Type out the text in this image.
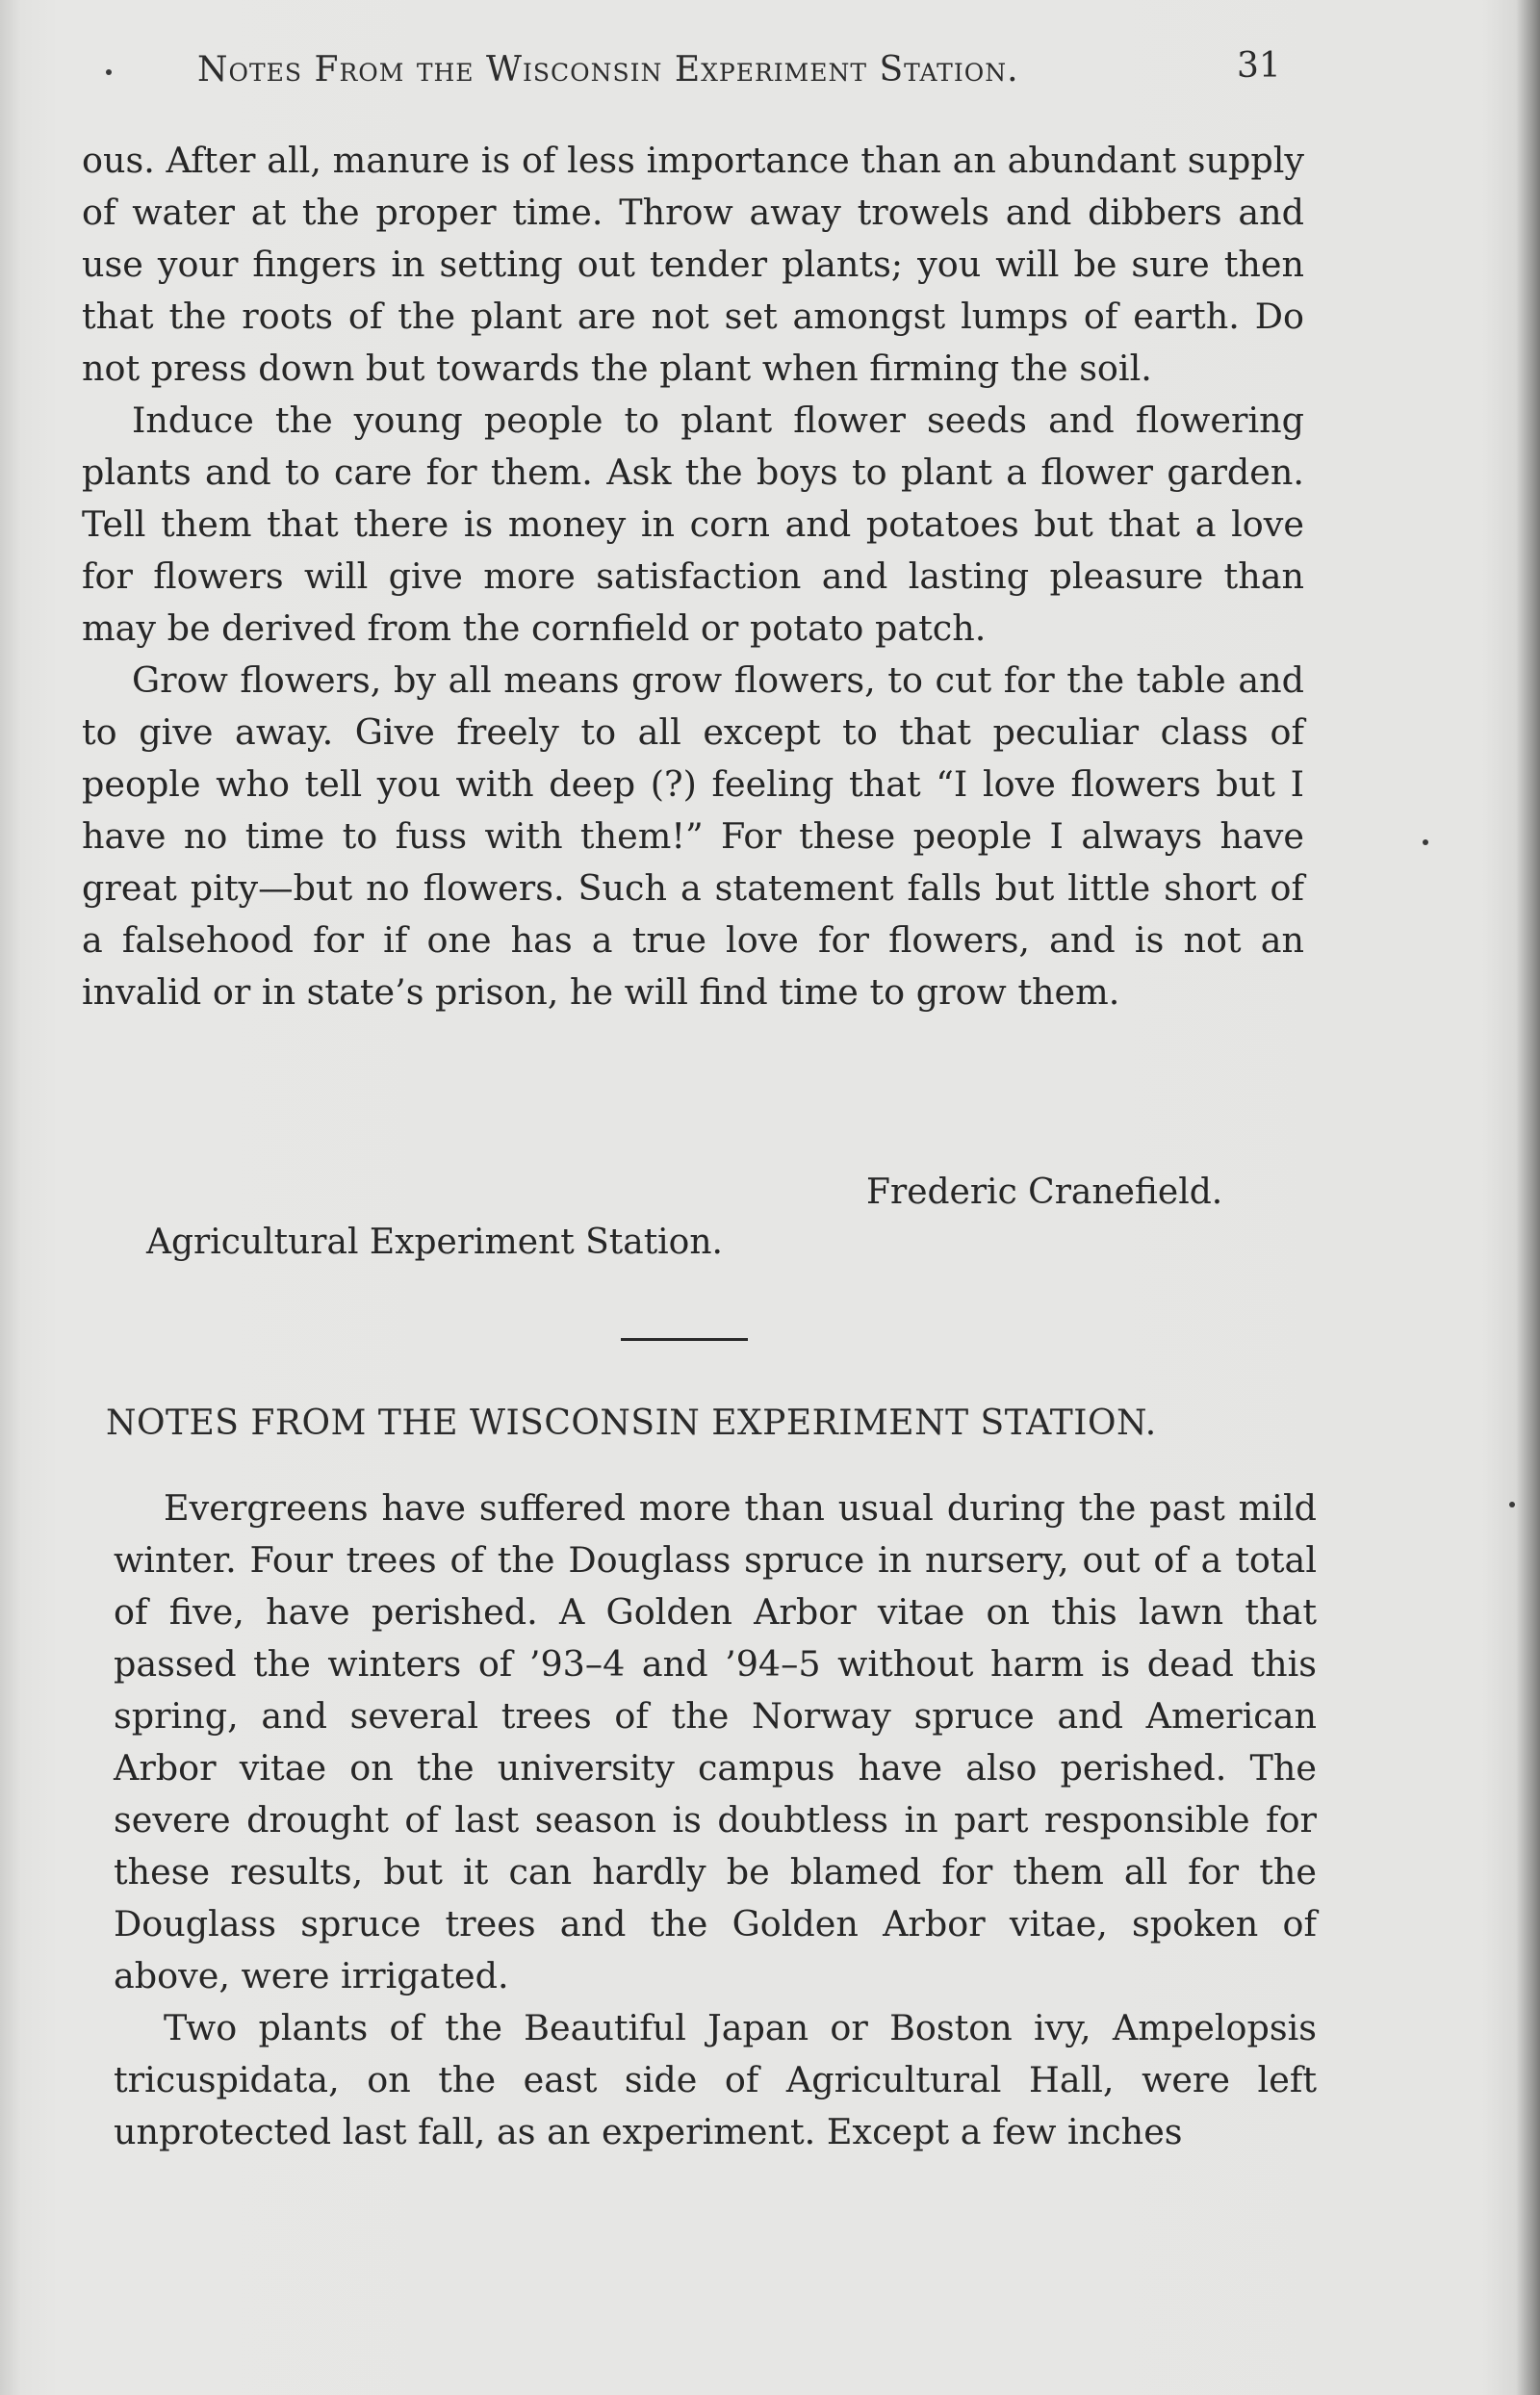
Notes From the Wisconsin Experiment Station.	31

ous. After all, manure is of less importance than an abundant supply of water at the proper time. Throw away trowels and dibbers and use your fingers in setting out tender plants; you will be sure then that the roots of the plant are not set amongst lumps of earth. Do not press down but towards the plant when firming the soil.

Induce the young people to plant flower seeds and flowering plants and to care for them. Ask the boys to plant a flower garden. Tell them that there is money in corn and potatoes but that a love for flowers will give more satisfaction and lasting pleasure than may be derived from the cornfield or potato patch.

Grow flowers, by all means grow flowers, to cut for the table and to give away. Give freely to all except to that peculiar class of people who tell you with deep (?) feeling that “I love flowers but I have no time to fuss with them!” For these people I always have great pity—but no flowers. Such a statement falls but little short of a falsehood for if one has a true love for flowers, and is not an invalid or in state’s prison, he will find time to grow them.

Frederic Cranefield.
Agricultural Experiment Station.
NOTES FROM THE WISCONSIN EXPERIMENT STATION.

Evergreens have suffered more than usual during the past mild winter. Four trees of the Douglass spruce in nursery, out of a total of five, have perished. A Golden Arbor vitae on this lawn that passed the winters of ’93–4 and ’94–5 without harm is dead this spring, and several trees of the Norway spruce and American Arbor vitae on the university campus have also perished. The severe drought of last season is doubtless in part responsible for these results, but it can hardly be blamed for them all for the Douglass spruce trees and the Golden Arbor vitae, spoken of above, were irrigated.

Two plants of the Beautiful Japan or Boston ivy, Ampelopsis tricuspidata, on the east side of Agricultural Hall, were left unprotected last fall, as an experiment. Except a few inches
